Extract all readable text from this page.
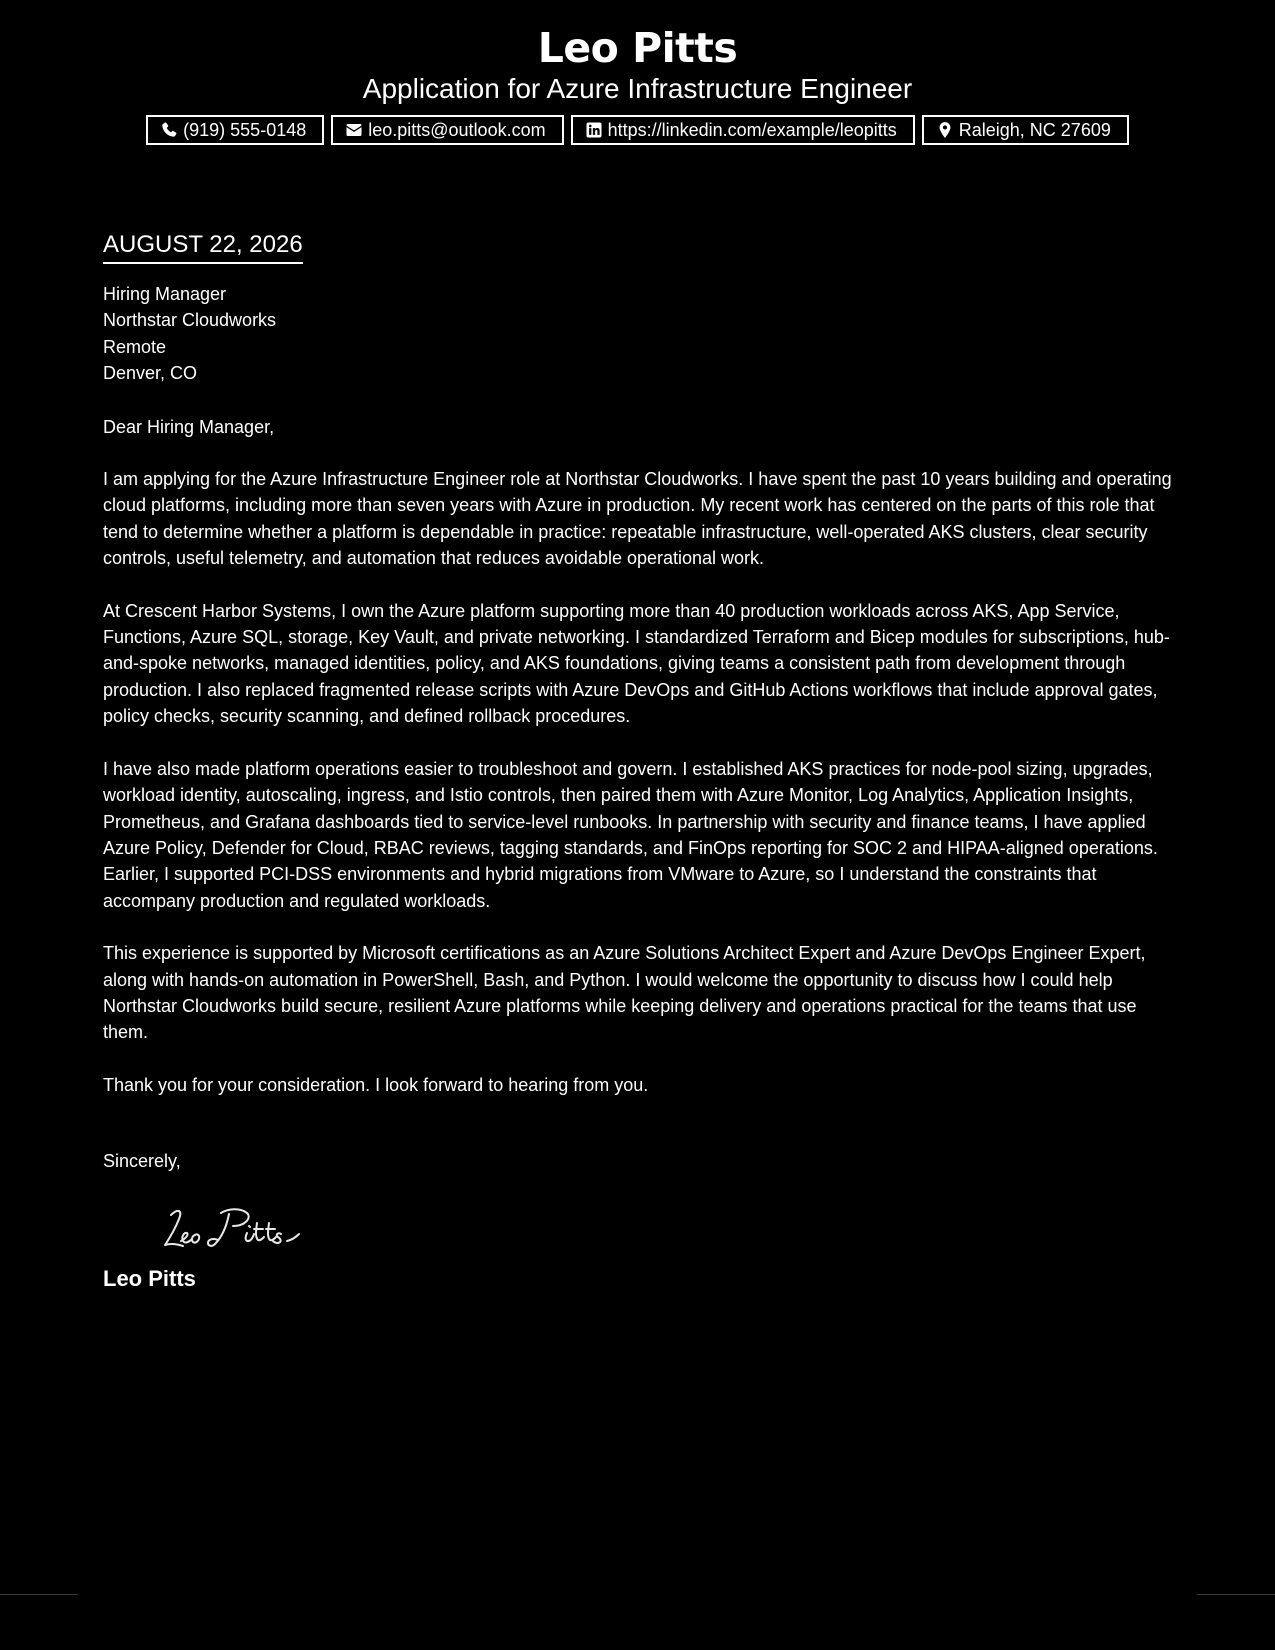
Leo Pitts
Application for Azure Infrastructure Engineer
(919) 555-0148	leo.pitts@outlook.com	https://linkedin.com/example/leopitts	Raleigh, NC 27609
AUGUST 22, 2026
Hiring Manager
Northstar Cloudworks
Remote
Denver, CO
Dear Hiring Manager,
I am applying for the Azure Infrastructure Engineer role at Northstar Cloudworks. I have spent the past 10 years building and operating cloud platforms, including more than seven years with Azure in production. My recent work has centered on the parts of this role that tend to determine whether a platform is dependable in practice: repeatable infrastructure, well-operated AKS clusters, clear security controls, useful telemetry, and automation that reduces avoidable operational work.
At Crescent Harbor Systems, I own the Azure platform supporting more than 40 production workloads across AKS, App Service, Functions, Azure SQL, storage, Key Vault, and private networking. I standardized Terraform and Bicep modules for subscriptions, hub-and-spoke networks, managed identities, policy, and AKS foundations, giving teams a consistent path from development through production. I also replaced fragmented release scripts with Azure DevOps and GitHub Actions workflows that include approval gates, policy checks, security scanning, and defined rollback procedures.
I have also made platform operations easier to troubleshoot and govern. I established AKS practices for node-pool sizing, upgrades, workload identity, autoscaling, ingress, and Istio controls, then paired them with Azure Monitor, Log Analytics, Application Insights, Prometheus, and Grafana dashboards tied to service-level runbooks. In partnership with security and finance teams, I have applied Azure Policy, Defender for Cloud, RBAC reviews, tagging standards, and FinOps reporting for SOC 2 and HIPAA-aligned operations. Earlier, I supported PCI-DSS environments and hybrid migrations from VMware to Azure, so I understand the constraints that accompany production and regulated workloads.
This experience is supported by Microsoft certifications as an Azure Solutions Architect Expert and Azure DevOps Engineer Expert, along with hands-on automation in PowerShell, Bash, and Python. I would welcome the opportunity to discuss how I could help Northstar Cloudworks build secure, resilient Azure platforms while keeping delivery and operations practical for the teams that use them.
Thank you for your consideration. I look forward to hearing from you.
Sincerely,
Leo Pitts
